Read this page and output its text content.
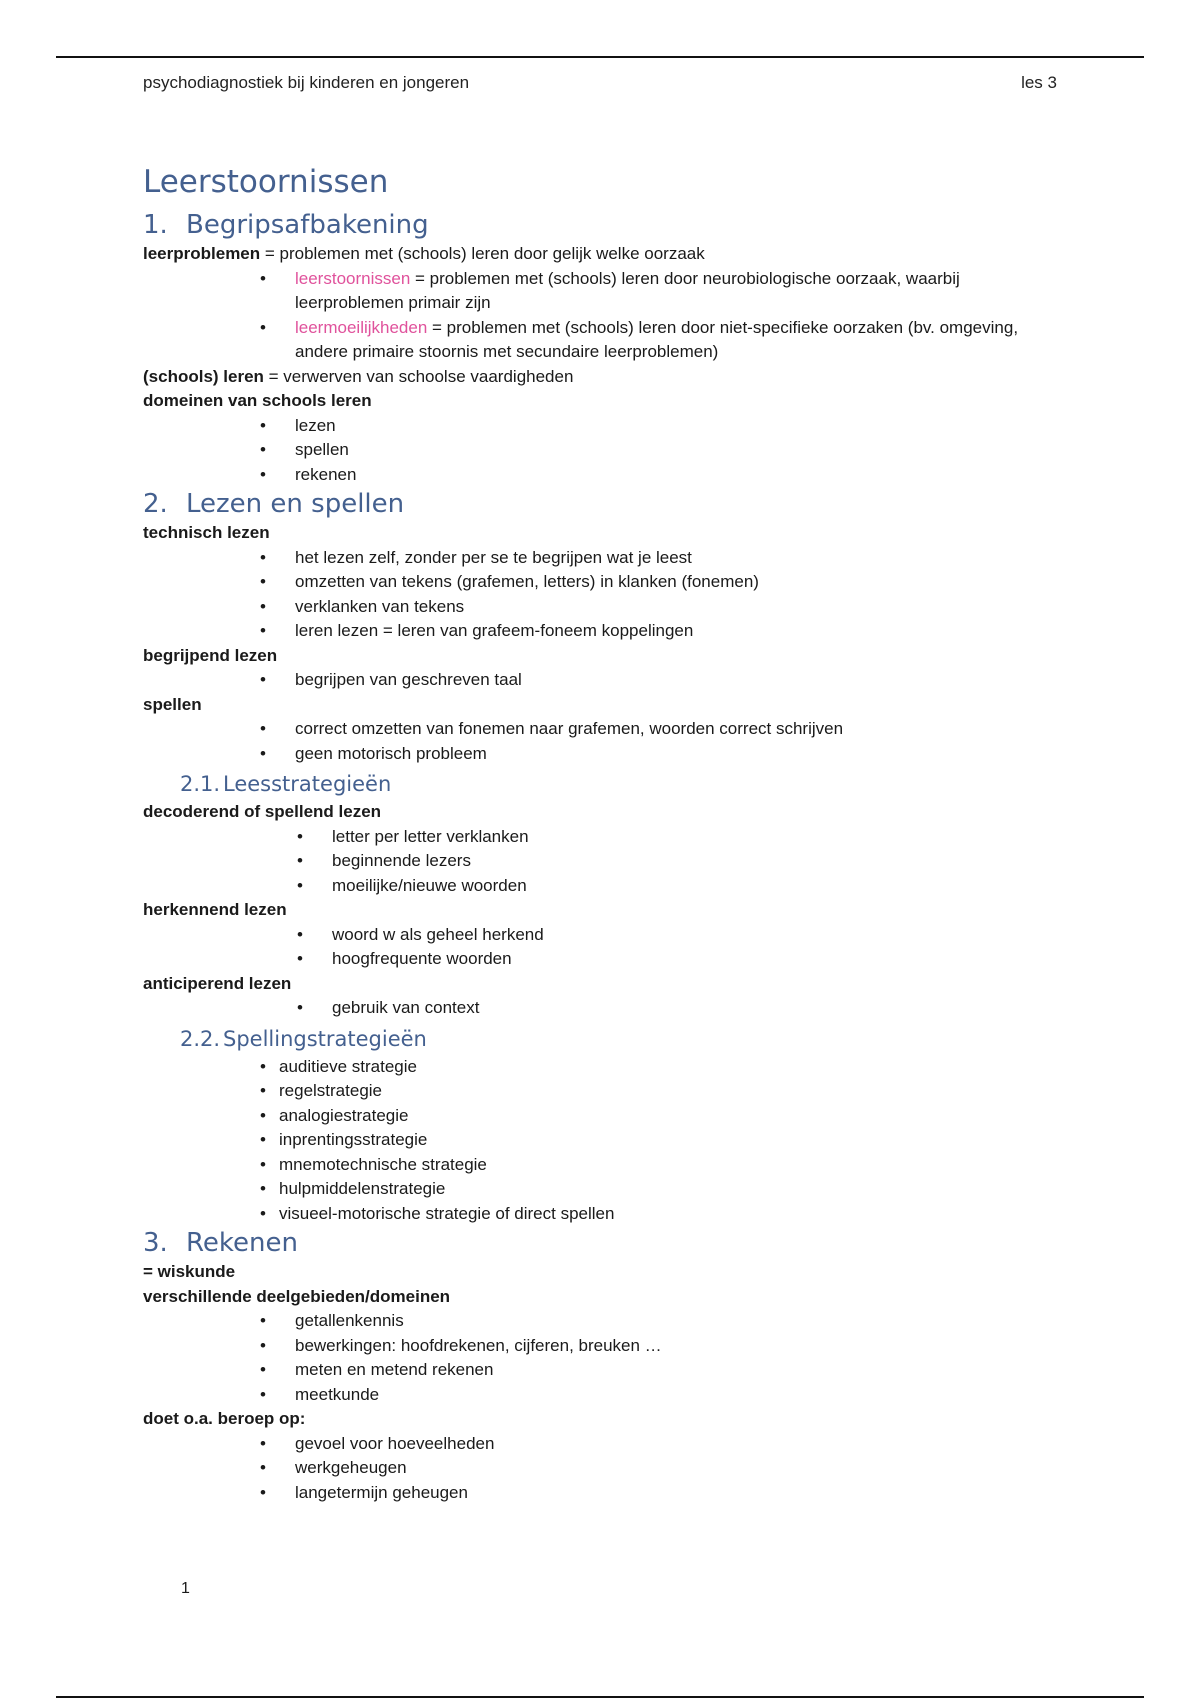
psychodiagnostiek bij kinderen en jongeren	les 3
Leerstoornissen
1. Begripsafbakening

leerproblemen = problemen met (schools) leren door gelijk welke oorzaak

• leerstoornissen = problemen met (schools) leren door neurobiologische oorzaak, waarbij leerproblemen primair zijn
• leermoeilijkheden = problemen met (schools) leren door niet-specifieke oorzaken (bv. omgeving, andere primaire stoornis met secundaire leerproblemen)

(schools) leren = verwerven van schoolse vaardigheden

domeinen van schools leren

• lezen
• spellen
• rekenen
2. Lezen en spellen

technisch lezen

• het lezen zelf, zonder per se te begrijpen wat je leest
• omzetten van tekens (grafemen, letters) in klanken (fonemen)
• verklanken van tekens
• leren lezen = leren van grafeem-foneem koppelingen

begrijpend lezen

• begrijpen van geschreven taal

spellen

• correct omzetten van fonemen naar grafemen, woorden correct schrijven
• geen motorisch probleem
2.1. Leesstrategieën

decoderend of spellend lezen

• letter per letter verklanken
• beginnende lezers
• moeilijke/nieuwe woorden

herkennend lezen

• woord w als geheel herkend
• hoogfrequente woorden

anticiperend lezen

• gebruik van context
2.2. Spellingstrategieën
• auditieve strategie
• regelstrategie
• analogiestrategie
• inprentingsstrategie
• mnemotechnische strategie
• hulpmiddelenstrategie
• visueel-motorische strategie of direct spellen
3. Rekenen

= wiskunde

verschillende deelgebieden/domeinen

• getallenkennis
• bewerkingen: hoofdrekenen, cijferen, breuken …
• meten en metend rekenen
• meetkunde

doet o.a. beroep op:

• gevoel voor hoeveelheden
• werkgeheugen
• langetermijn geheugen
1
